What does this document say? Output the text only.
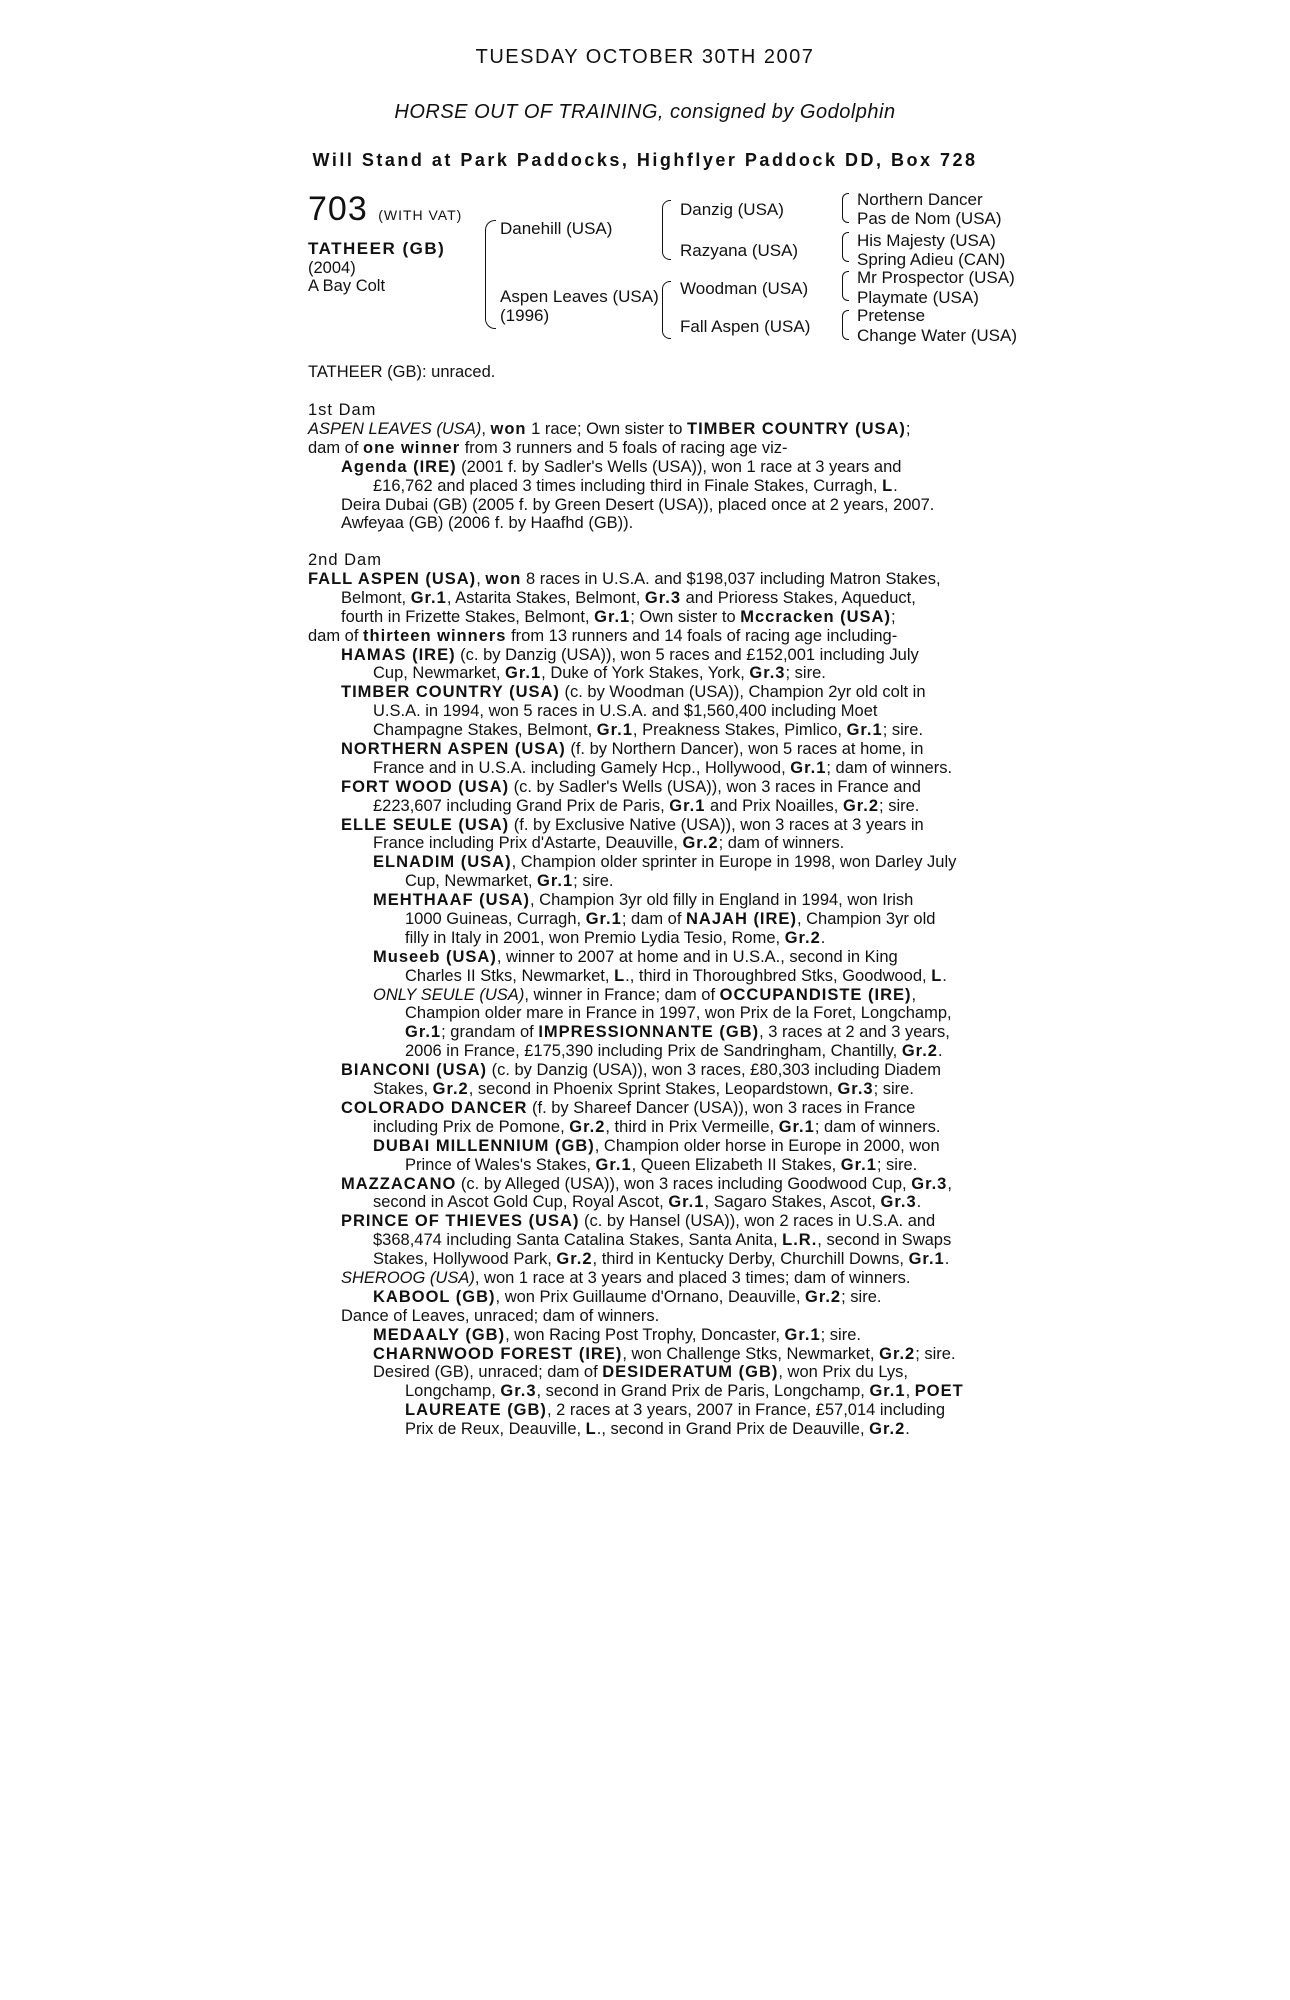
TUESDAY OCTOBER 30TH 2007
HORSE OUT OF TRAINING, consigned by Godolphin
Will Stand at Park Paddocks, Highflyer Paddock DD, Box 728
703 (WITH VAT)
TATHEER (GB)
(2004)
A Bay Colt
Danehill (USA)
Aspen Leaves (USA)
(1996)
Danzig (USA)
Razyana (USA)
Woodman (USA)
Fall Aspen (USA)
Northern Dancer
Pas de Nom (USA)
His Majesty (USA)
Spring Adieu (CAN)
Mr Prospector (USA)
Playmate (USA)
Pretense
Change Water (USA)
TATHEER (GB): unraced.
1st Dam
ASPEN LEAVES (USA), won 1 race; Own sister to TIMBER COUNTRY (USA);
dam of one winner from 3 runners and 5 foals of racing age viz-
Agenda (IRE) (2001 f. by Sadler's Wells (USA)), won 1 race at 3 years and
£16,762 and placed 3 times including third in Finale Stakes, Curragh, L.
Deira Dubai (GB) (2005 f. by Green Desert (USA)), placed once at 2 years, 2007.
Awfeyaa (GB) (2006 f. by Haafhd (GB)).
2nd Dam
FALL ASPEN (USA), won 8 races in U.S.A. and $198,037 including Matron Stakes,
Belmont, Gr.1, Astarita Stakes, Belmont, Gr.3 and Prioress Stakes, Aqueduct,
fourth in Frizette Stakes, Belmont, Gr.1; Own sister to Mccracken (USA);
dam of thirteen winners from 13 runners and 14 foals of racing age including-
HAMAS (IRE) (c. by Danzig (USA)), won 5 races and £152,001 including July
Cup, Newmarket, Gr.1, Duke of York Stakes, York, Gr.3; sire.
TIMBER COUNTRY (USA) (c. by Woodman (USA)), Champion 2yr old colt in
U.S.A. in 1994, won 5 races in U.S.A. and $1,560,400 including Moet
Champagne Stakes, Belmont, Gr.1, Preakness Stakes, Pimlico, Gr.1; sire.
NORTHERN ASPEN (USA) (f. by Northern Dancer), won 5 races at home, in
France and in U.S.A. including Gamely Hcp., Hollywood, Gr.1; dam of winners.
FORT WOOD (USA) (c. by Sadler's Wells (USA)), won 3 races in France and
£223,607 including Grand Prix de Paris, Gr.1 and Prix Noailles, Gr.2; sire.
ELLE SEULE (USA) (f. by Exclusive Native (USA)), won 3 races at 3 years in
France including Prix d'Astarte, Deauville, Gr.2; dam of winners.
ELNADIM (USA), Champion older sprinter in Europe in 1998, won Darley July
Cup, Newmarket, Gr.1; sire.
MEHTHAAF (USA), Champion 3yr old filly in England in 1994, won Irish
1000 Guineas, Curragh, Gr.1; dam of NAJAH (IRE), Champion 3yr old
filly in Italy in 2001, won Premio Lydia Tesio, Rome, Gr.2.
Museeb (USA), winner to 2007 at home and in U.S.A., second in King
Charles II Stks, Newmarket, L., third in Thoroughbred Stks, Goodwood, L.
ONLY SEULE (USA), winner in France; dam of OCCUPANDISTE (IRE),
Champion older mare in France in 1997, won Prix de la Foret, Longchamp,
Gr.1; grandam of IMPRESSIONNANTE (GB), 3 races at 2 and 3 years,
2006 in France, £175,390 including Prix de Sandringham, Chantilly, Gr.2.
BIANCONI (USA) (c. by Danzig (USA)), won 3 races, £80,303 including Diadem
Stakes, Gr.2, second in Phoenix Sprint Stakes, Leopardstown, Gr.3; sire.
COLORADO DANCER (f. by Shareef Dancer (USA)), won 3 races in France
including Prix de Pomone, Gr.2, third in Prix Vermeille, Gr.1; dam of winners.
DUBAI MILLENNIUM (GB), Champion older horse in Europe in 2000, won
Prince of Wales's Stakes, Gr.1, Queen Elizabeth II Stakes, Gr.1; sire.
MAZZACANO (c. by Alleged (USA)), won 3 races including Goodwood Cup, Gr.3,
second in Ascot Gold Cup, Royal Ascot, Gr.1, Sagaro Stakes, Ascot, Gr.3.
PRINCE OF THIEVES (USA) (c. by Hansel (USA)), won 2 races in U.S.A. and
$368,474 including Santa Catalina Stakes, Santa Anita, L.R., second in Swaps
Stakes, Hollywood Park, Gr.2, third in Kentucky Derby, Churchill Downs, Gr.1.
SHEROOG (USA), won 1 race at 3 years and placed 3 times; dam of winners.
KABOOL (GB), won Prix Guillaume d'Ornano, Deauville, Gr.2; sire.
Dance of Leaves, unraced; dam of winners.
MEDAALY (GB), won Racing Post Trophy, Doncaster, Gr.1; sire.
CHARNWOOD FOREST (IRE), won Challenge Stks, Newmarket, Gr.2; sire.
Desired (GB), unraced; dam of DESIDERATUM (GB), won Prix du Lys,
Longchamp, Gr.3, second in Grand Prix de Paris, Longchamp, Gr.1, POET
LAUREATE (GB), 2 races at 3 years, 2007 in France, £57,014 including
Prix de Reux, Deauville, L., second in Grand Prix de Deauville, Gr.2.
